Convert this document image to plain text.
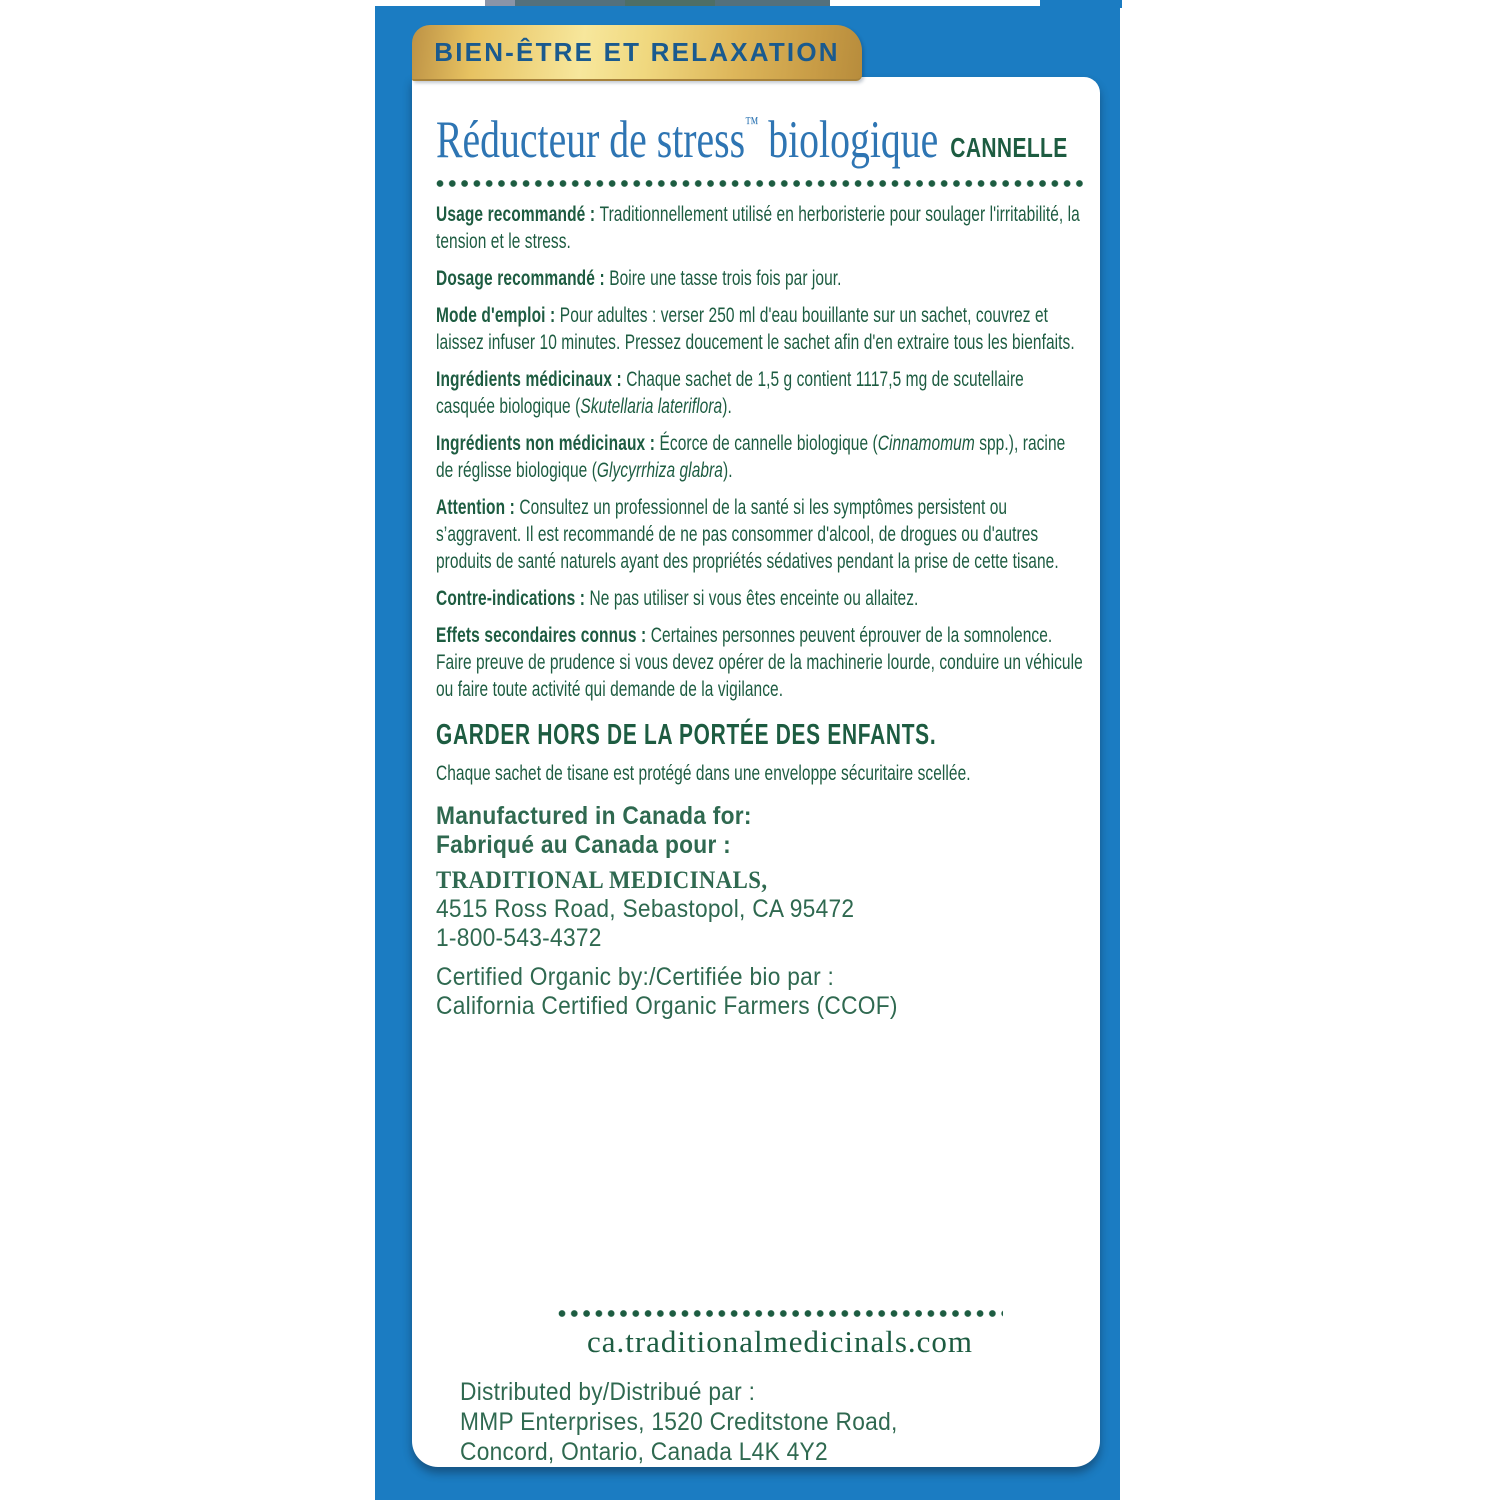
BIEN-ÊTRE ET RELAXATION
Réducteur de stress™ biologique CANNELLE

Usage recommandé : Traditionnellement utilisé en herboristerie pour soulager l'irritabilité, la tension et le stress.

Dosage recommandé : Boire une tasse trois fois par jour.

Mode d'emploi : Pour adultes : verser 250 ml d'eau bouillante sur un sachet, couvrez et laissez infuser 10 minutes. Pressez doucement le sachet afin d'en extraire tous les bienfaits.

Ingrédients médicinaux : Chaque sachet de 1,5 g contient 1117,5 mg de scutellaire casquée biologique (Skutellaria lateriflora).

Ingrédients non médicinaux : Écorce de cannelle biologique (Cinnamomum spp.), racine de réglisse biologique (Glycyrrhiza glabra).

Attention : Consultez un professionnel de la santé si les symptômes persistent ou s’aggravent. Il est recommandé de ne pas consommer d'alcool, de drogues ou d'autres produits de santé naturels ayant des propriétés sédatives pendant la prise de cette tisane.

Contre-indications : Ne pas utiliser si vous êtes enceinte ou allaitez.

Effets secondaires connus : Certaines personnes peuvent éprouver de la somnolence. Faire preuve de prudence si vous devez opérer de la machinerie lourde, conduire un véhicule ou faire toute activité qui demande de la vigilance.

GARDER HORS DE LA PORTÉE DES ENFANTS.

Chaque sachet de tisane est protégé dans une enveloppe sécuritaire scellée.

Manufactured in Canada for:
Fabriqué au Canada pour :
TRADITIONAL MEDICINALS,
4515 Ross Road, Sebastopol, CA 95472
1-800-543-4372
Certified Organic by:/Certifiée bio par :
California Certified Organic Farmers (CCOF)
ca.traditionalmedicinals.com
Distributed by/Distribué par :
MMP Enterprises, 1520 Creditstone Road,
Concord, Ontario, Canada L4K 4Y2
